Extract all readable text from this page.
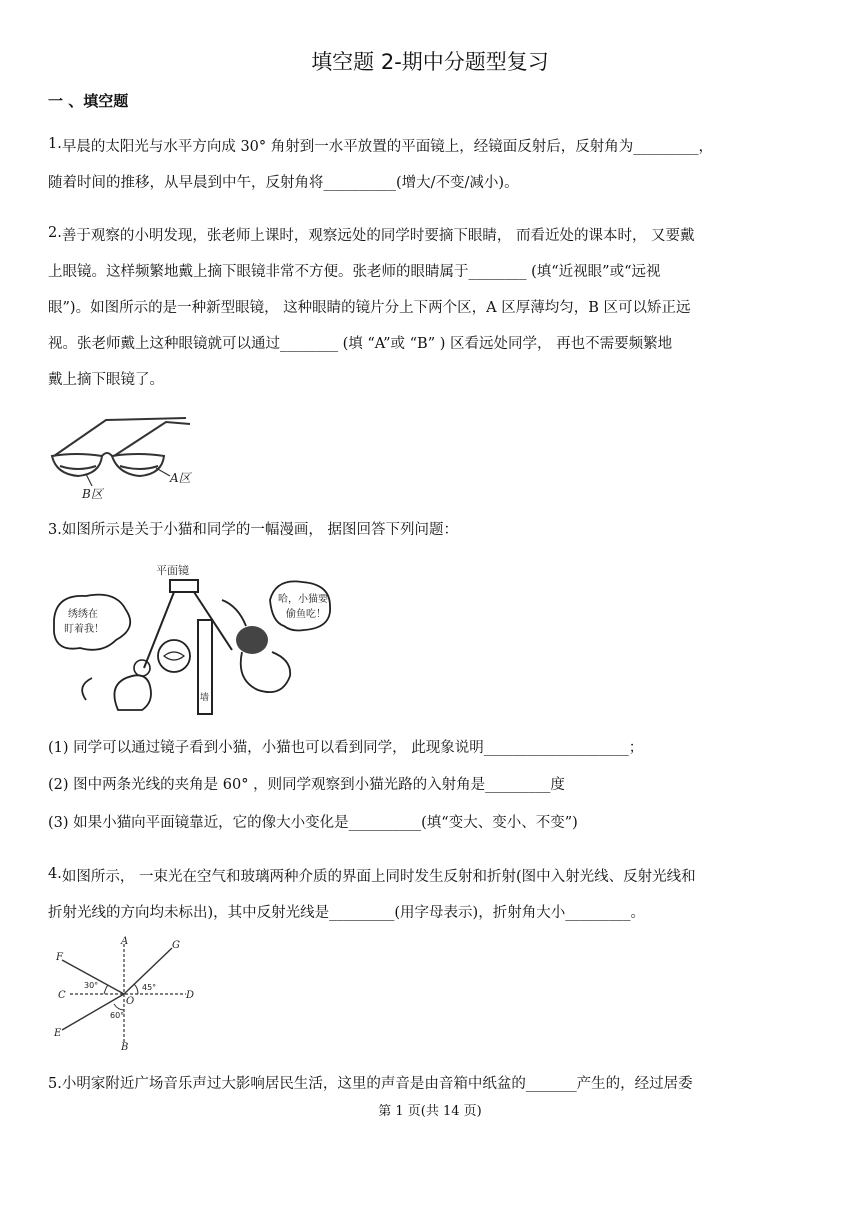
填空题 2-期中分题型复习
一 、填空题
1.早晨的太阳光与水平方向成 30° 角射到一水平放置的平面镜上，经镜面反射后，反射角为_________，
随着时间的推移，从早晨到中午，反射角将__________(增大/不变/减小)。
2.善于观察的小明发现，张老师上课时，观察远处的同学时要摘下眼睛， 而看近处的课本时， 又要戴
上眼镜。这样频繁地戴上摘下眼镜非常不方便。张老师的眼睛属于________ (填“近视眼”或“远视
眼”)。如图所示的是一种新型眼镜， 这种眼睛的镜片分上下两个区，A 区厚薄均匀，B 区可以矫正远
视。张老师戴上这种眼镜就可以通过________ (填 “A”或 “B” ) 区看远处同学， 再也不需要频繁地
戴上摘下眼镜了。
A区
B区
3.如图所示是关于小猫和同学的一幅漫画， 据图回答下列问题：
平面镜
绣绣在
盯着我！
哈，小猫要
偷鱼吃！
墙
(1) 同学可以通过镜子看到小猫，小猫也可以看到同学， 此现象说明____________________；
(2) 图中两条光线的夹角是 60° ，则同学观察到小猫光路的入射角是_________度
(3) 如果小猫向平面镜靠近，它的像大小变化是__________(填“变大、变小、不变”)
4.如图所示， 一束光在空气和玻璃两种介质的界面上同时发生反射和折射(图中入射光线、反射光线和
折射光线的方向均未标出)，其中反射光线是_________(用字母表示)，折射角大小_________。
A
B
C	D
E
F
G
O
30°	45°
60°
5.小明家附近广场音乐声过大影响居民生活，这里的声音是由音箱中纸盆的_______产生的，经过居委
第 1 页(共 14 页)
